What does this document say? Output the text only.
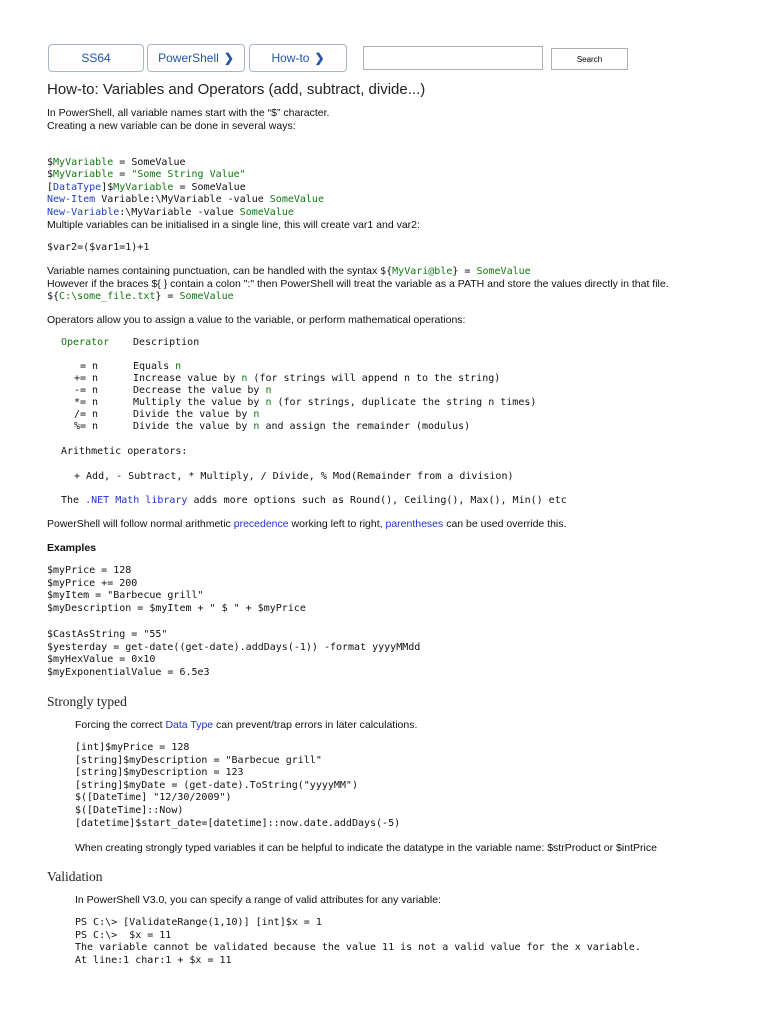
SS64	PowerShell ❯	How-to ❯	Search
How-to: Variables and Operators (add, subtract, divide...)
In PowerShell, all variable names start with the “$” character.
Creating a new variable can be done in several ways:

$MyVariable = SomeValue
$MyVariable = "Some String Value"
[DataType]$MyVariable = SomeValue
New-Item Variable:\MyVariable -value SomeValue
New-Variable:\MyVariable -value SomeValue

Multiple variables can be initialised in a single line, this will create var1 and var2:
$var2=($var1=1)+1
Variable names containing punctuation, can be handled with the syntax ${MyVari@ble} = SomeValue
However if the braces ${ } contain a colon ":" then PowerShell will treat the variable as a PATH and store the values directly in that file.
${C:\some_file.txt} = SomeValue
Operators allow you to assign a value to the variable, or perform mathematical operations:
Operator Description
= n	Equals n
+= n	Increase value by n (for strings will append n to the string)
-= n	Decrease the value by n
*= n	Multiply the value by n (for strings, duplicate the string n times)
/= n	Divide the value by n
%= n	Divide the value by n and assign the remainder (modulus)
Arithmetic operators:
+ Add, - Subtract, * Multiply, / Divide, % Mod(Remainder from a division)
The .NET Math library adds more options such as Round(), Ceiling(), Max(), Min() etc
PowerShell will follow normal arithmetic precedence working left to right, parentheses can be used override this.
Examples
$myPrice = 128
$myPrice += 200
$myItem = "Barbecue grill"
$myDescription = $myItem + " $ " + $myPrice
$CastAsString = "55"
$yesterday = get-date((get-date).addDays(-1)) -format yyyyMMdd
$myHexValue = 0x10
$myExponentialValue = 6.5e3
Strongly typed
Forcing the correct Data Type can prevent/trap errors in later calculations.
[int]$myPrice = 128
[string]$myDescription = "Barbecue grill"
[string]$myDescription = 123
[string]$myDate = (get-date).ToString("yyyyMM")
$([DateTime] "12/30/2009")
$([DateTime]::Now)
[datetime]$start_date=[datetime]::now.date.addDays(-5)
When creating strongly typed variables it can be helpful to indicate the datatype in the variable name: $strProduct or $intPrice
Validation
In PowerShell V3.0, you can specify a range of valid attributes for any variable:
PS C:\> [ValidateRange(1,10)] [int]$x = 1
PS C:\>  $x = 11
The variable cannot be validated because the value 11 is not a valid value for the x variable.
At line:1 char:1 + $x = 11
